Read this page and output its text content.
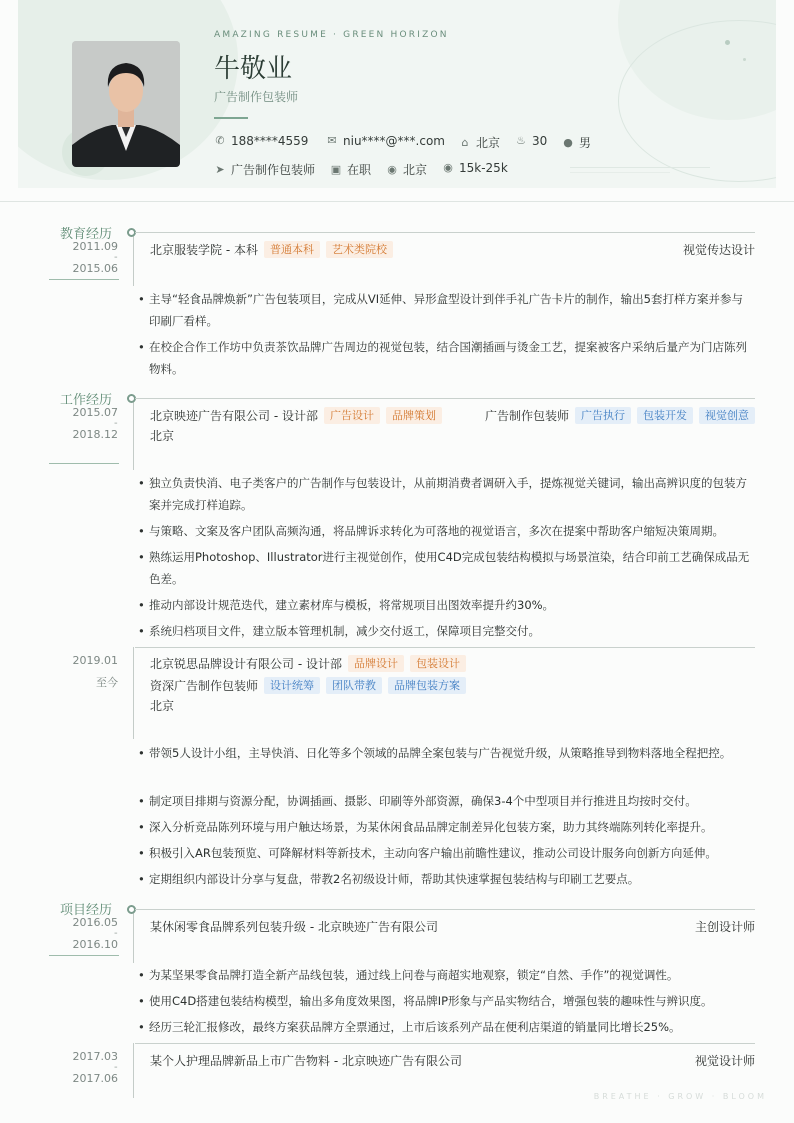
AMAZING RESUME · GREEN HORIZON
牛敬业
广告制作包装师
✆ 188****4559 ✉ niu****@***.com ⌂ 北京 ♨ 30 ● 男
➤ 广告制作包装师 ▣ 在职 ◉ 北京 ◉ 15k-25k
教育经历
2011.09
-
2015.06
北京服装学院 - 本科	普通本科	艺术类院校	视觉传达设计
• 主导“轻食品牌焕新”广告包装项目，完成从VI延伸、异形盒型设计到伴手礼广告卡片的制作，输出5套打样方案并参与印刷厂看样。
• 在校企合作工作坊中负责茶饮品牌广告周边的视觉包装，结合国潮插画与烫金工艺，提案被客户采纳后量产为门店陈列物料。
工作经历
2015.07
-
2018.12
北京映迹广告有限公司 - 设计部	广告设计	品牌策划	广告制作包装师	广告执行	包装开发	视觉创意
北京
• 独立负责快消、电子类客户的广告制作与包装设计，从前期消费者调研入手，提炼视觉关键词，输出高辨识度的包装方案并完成打样追踪。
• 与策略、文案及客户团队高频沟通，将品牌诉求转化为可落地的视觉语言，多次在提案中帮助客户缩短决策周期。
• 熟练运用Photoshop、Illustrator进行主视觉创作，使用C4D完成包装结构模拟与场景渲染，结合印前工艺确保成品无色差。
• 推动内部设计规范迭代，建立素材库与模板，将常规项目出图效率提升约30%。
• 系统归档项目文件，建立版本管理机制，减少交付返工，保障项目完整交付。
2019.01
至今
北京锐思品牌设计有限公司 - 设计部	品牌设计	包装设计
资深广告制作包装师	设计统筹	团队带教	品牌包装方案
北京
• 带领5人设计小组，主导快消、日化等多个领域的品牌全案包装与广告视觉升级，从策略推导到物料落地全程把控。
• 制定项目排期与资源分配，协调插画、摄影、印刷等外部资源，确保3-4个中型项目并行推进且均按时交付。
• 深入分析竞品陈列环境与用户触达场景，为某休闲食品品牌定制差异化包装方案，助力其终端陈列转化率提升。
• 积极引入AR包装预览、可降解材料等新技术，主动向客户输出前瞻性建议，推动公司设计服务向创新方向延伸。
• 定期组织内部设计分享与复盘，带教2名初级设计师，帮助其快速掌握包装结构与印刷工艺要点。
项目经历
2016.05
-
2016.10
某休闲零食品牌系列包装升级 - 北京映迹广告有限公司	主创设计师
• 为某坚果零食品牌打造全新产品线包装，通过线上问卷与商超实地观察，锁定“自然、手作”的视觉调性。
• 使用C4D搭建包装结构模型，输出多角度效果图，将品牌IP形象与产品实物结合，增强包装的趣味性与辨识度。
• 经历三轮汇报修改，最终方案获品牌方全票通过，上市后该系列产品在便利店渠道的销量同比增长25%。
2017.03
-
2017.06
某个人护理品牌新品上市广告物料 - 北京映迹广告有限公司	视觉设计师
BREATHE · GROW · BLOOM
